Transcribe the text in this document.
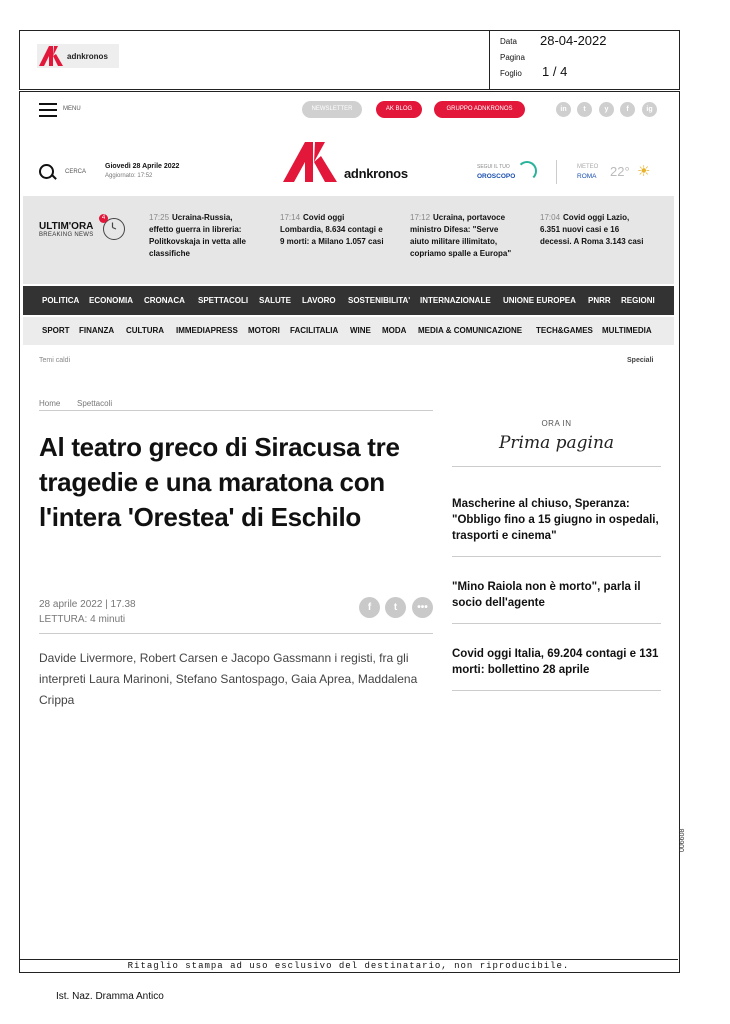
adnkronos
Data 28-04-2022
Pagina
Foglio 1 / 4
MENU	NEWSLETTER	AK BLOG	GRUPPO ADNKRONOS	in	t	y	f	ig
CERCA
Giovedì 28 Aprile 2022
Aggiornato: 17:52	adnkronos	SEGUI IL TUO
OROSCOPO
METEO
ROMA 22° ☀
ULTIM'ORA
BREAKING NEWS
4	17:25 Ucraina-Russia, effetto guerra in libreria: Politkovskaja in vetta alle classifiche
17:14 Covid oggi Lombardia, 8.634 contagi e 9 morti: a Milano 1.057 casi
17:12 Ucraina, portavoce ministro Difesa: "Serve aiuto militare illimitato, copriamo spalle a Europa"
17:04 Covid oggi Lazio, 6.351 nuovi casi e 16 decessi. A Roma 3.143 casi
POLITICA ECONOMIA CRONACA SPETTACOLI SALUTE LAVORO SOSTENIBILITA' INTERNAZIONALE UNIONE EUROPEA PNRR REGIONI
SPORT FINANZA CULTURA IMMEDIAPRESS MOTORI FACILITALIA WINE MODA MEDIA & COMUNICAZIONE TECH&GAMES MULTIMEDIA
Temi caldi	Speciali
Home Spettacoli
Al teatro greco di Siracusa tre tragedie e una maratona con l'intera 'Orestea' di Eschilo
28 aprile 2022 | 17.38
LETTURA: 4 minuti
f	t	•••

Davide Livermore, Robert Carsen e Jacopo Gassmann i registi, fra gli interpreti Laura Marinoni, Stefano Santospago, Gaia Aprea, Maddalena Crippa

ORA IN
Prima pagina
Mascherine al chiuso, Speranza: "Obbligo fino a 15 giugno in ospedali, trasporti e cinema"
"Mino Raiola non è morto", parla il socio dell'agente
Covid oggi Italia, 69.204 contagi e 131 morti: bollettino 28 aprile
Ritaglio stampa ad uso esclusivo del destinatario, non riproducibile.
Ist. Naz. Dramma Antico
006608
